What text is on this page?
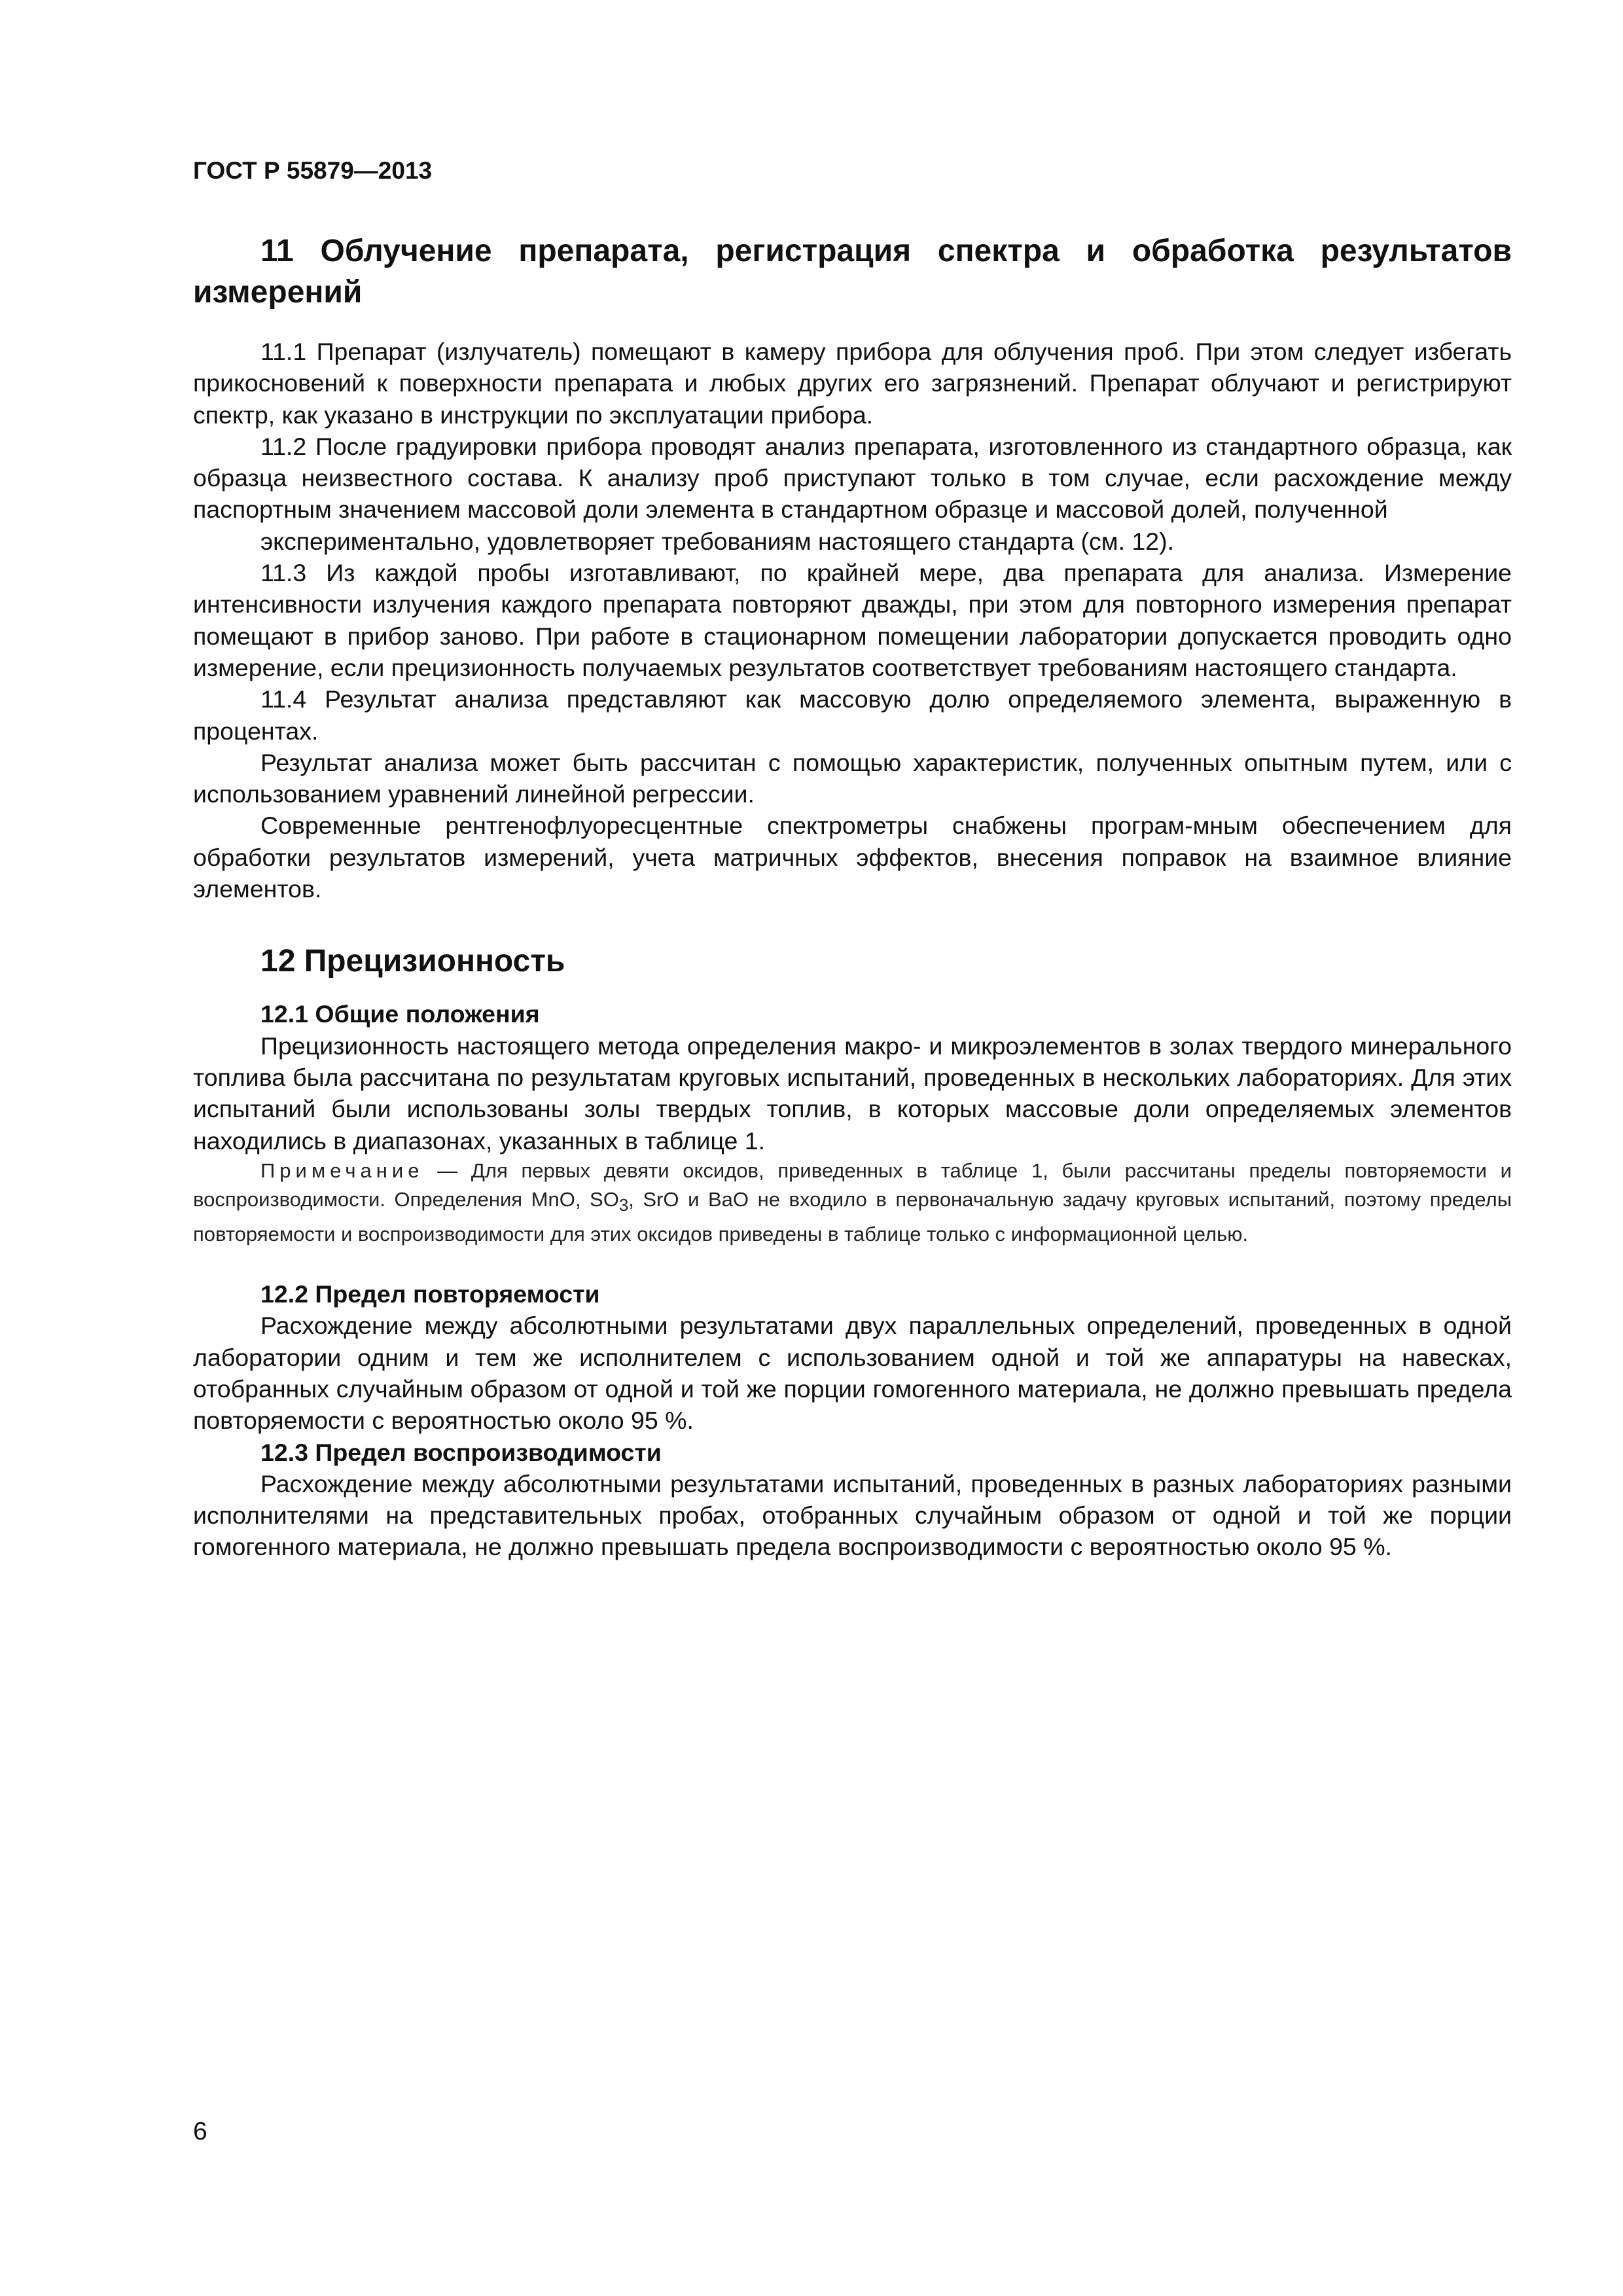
ГОСТ Р 55879—2013
11 Облучение препарата, регистрация спектра и обработка результатов измерений

11.1 Препарат (излучатель) помещают в камеру прибора для облучения проб. При этом следует избегать прикосновений к поверхности препарата и любых других его загрязнений. Препарат облучают и регистрируют спектр, как указано в инструкции по эксплуатации прибора.

11.2 После градуировки прибора проводят анализ препарата, изготовленного из стандартного образца, как образца неизвестного состава. К анализу проб приступают только в том случае, если расхождение между паспортным значением массовой доли элемента в стандартном образце и массовой долей, полученной

экспериментально, удовлетворяет требованиям настоящего стандарта (см. 12).

11.3 Из каждой пробы изготавливают, по крайней мере, два препарата для анализа. Измерение интенсивности излучения каждого препарата повторяют дважды, при этом для повторного измерения препарат помещают в прибор заново. При работе в стационарном помещении лаборатории допускается проводить одно измерение, если прецизионность получаемых результатов соответствует требованиям настоящего стандарта.

11.4 Результат анализа представляют как массовую долю определяемого элемента, выраженную в процентах.

Результат анализа может быть рассчитан с помощью характеристик, полученных опытным путем, или с использованием уравнений линейной регрессии.

Современные рентгенофлуоресцентные спектрометры снабжены програм-мным обеспечением для обработки результатов измерений, учета матричных эффектов, внесения поправок на взаимное влияние элементов.

12 Прецизионность
12.1 Общие положения

Прецизионность настоящего метода определения макро- и микроэлементов в золах твердого минерального топлива была рассчитана по результатам круговых испытаний, проведенных в нескольких лабораториях. Для этих испытаний были использованы золы твердых топлив, в которых массовые доли определяемых элементов находились в диапазонах, указанных в таблице 1.

Примечание — Для первых девяти оксидов, приведенных в таблице 1, были рассчитаны пределы повторяемости и воспроизводимости. Определения MnO, $SO_3$, SrO и BaO не входило в первоначальную задачу круговых испытаний, поэтому пределы повторяемости и воспроизводимости для этих оксидов приведены в таблице только с информационной целью.

12.2 Предел повторяемости

Расхождение между абсолютными результатами двух параллельных определений, проведенных в одной лаборатории одним и тем же исполнителем с использованием одной и той же аппаратуры на навесках, отобранных случайным образом от одной и той же порции гомогенного материала, не должно превышать предела повторяемости с вероятностью около 95 %.

12.3 Предел воспроизводимости

Расхождение между абсолютными результатами испытаний, проведенных в разных лабораториях разными исполнителями на представительных пробах, отобранных случайным образом от одной и той же порции гомогенного материала, не должно превышать предела воспроизводимости с вероятностью около 95 %.

6
